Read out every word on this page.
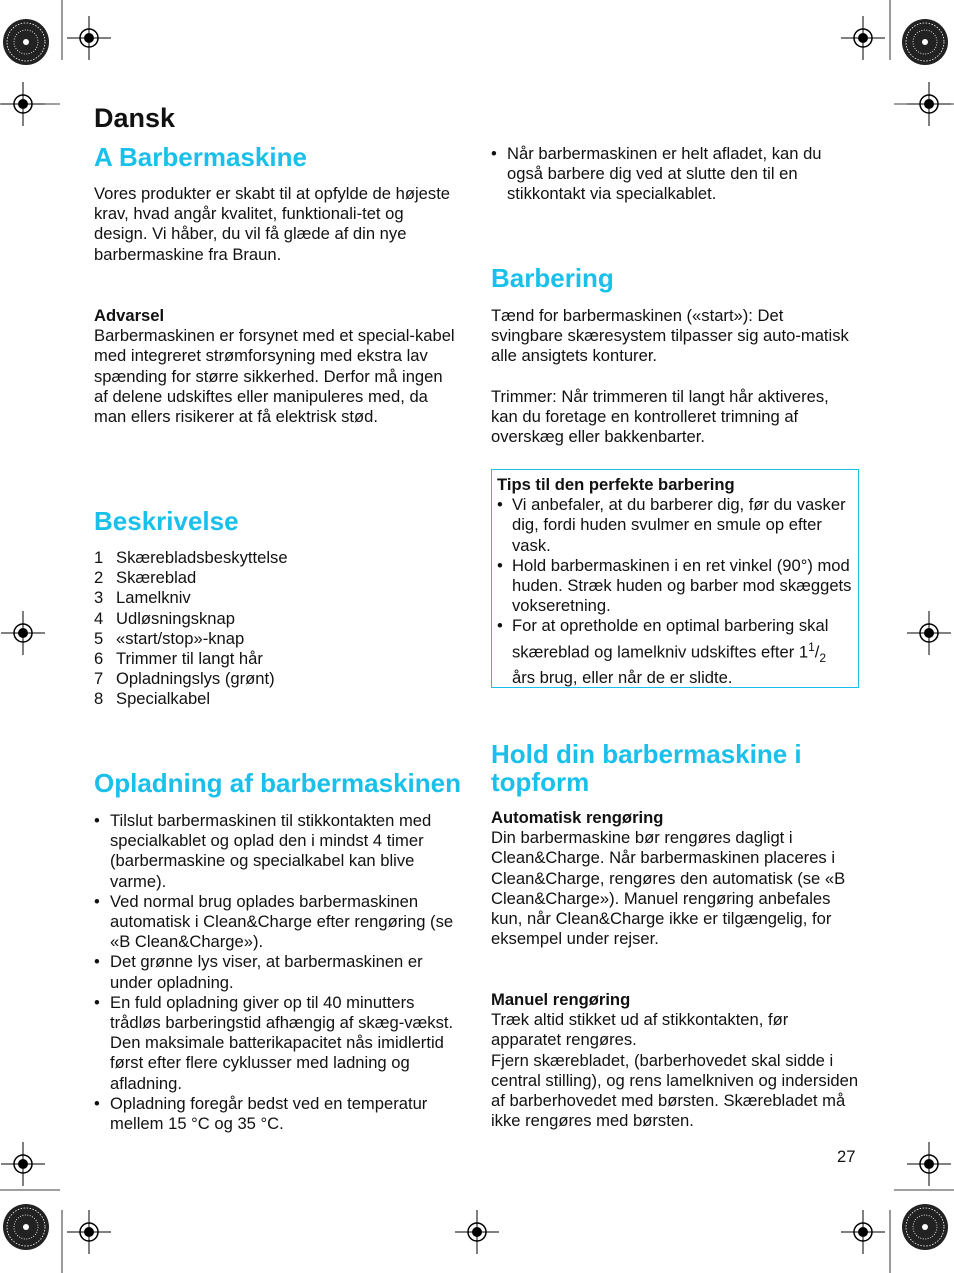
Dansk
A Barbermaskine

Vores produkter er skabt til at opfylde de højeste krav, hvad angår kvalitet, funktionali-tet og design. Vi håber, du vil få glæde af din nye barbermaskine fra Braun.

Advarsel

Barbermaskinen er forsynet med et special-kabel med integreret strømforsyning med ekstra lav spænding for større sikkerhed. Derfor må ingen af delene udskiftes eller manipuleres med, da man ellers risikerer at få elektrisk stød.

Beskrivelse
1 Skærebladsbeskyttelse
2 Skæreblad
3 Lamelkniv
4 Udløsningsknap
5 «start/stop»-knap
6 Trimmer til langt hår
7 Opladningslys (grønt)
8 Specialkabel
Opladning af barbermaskinen
• Tilslut barbermaskinen til stikkontakten med specialkablet og oplad den i mindst 4 timer (barbermaskine og specialkabel kan blive varme).
• Ved normal brug oplades barbermaskinen automatisk i Clean&Charge efter rengøring (se «B Clean&Charge»).
• Det grønne lys viser, at barbermaskinen er under opladning.
• En fuld opladning giver op til 40 minutters trådløs barberingstid afhængig af skæg-vækst. Den maksimale batterikapacitet nås imidlertid først efter flere cyklusser med ladning og afladning.
• Opladning foregår bedst ved en temperatur mellem 15 °C og 35 °C.
• Når barbermaskinen er helt afladet, kan du også barbere dig ved at slutte den til en stikkontakt via specialkablet.
Barbering

Tænd for barbermaskinen («start»): Det svingbare skæresystem tilpasser sig auto-matisk alle ansigtets konturer.

Trimmer: Når trimmeren til langt hår aktiveres, kan du foretage en kontrolleret trimning af overskæg eller bakkenbarter.

Tips til den perfekte barbering

• Vi anbefaler, at du barberer dig, før du vasker dig, fordi huden svulmer en smule op efter vask.
• Hold barbermaskinen i en ret vinkel (90°) mod huden. Stræk huden og barber mod skæggets vokseretning.
• For at opretholde en optimal barbering skal skæreblad og lamelkniv udskiftes efter $1^1/_2$ års brug, eller når de er slidte.
Hold din barbermaskine i topform

Automatisk rengøring

Din barbermaskine bør rengøres dagligt i Clean&Charge. Når barbermaskinen placeres i Clean&Charge, rengøres den automatisk (se «B Clean&Charge»). Manuel rengøring anbefales kun, når Clean&Charge ikke er tilgængelig, for eksempel under rejser.

Manuel rengøring

Træk altid stikket ud af stikkontakten, før apparatet rengøres.

Fjern skærebladet, (barberhovedet skal sidde i central stilling), og rens lamelkniven og indersiden af barberhovedet med børsten. Skærebladet må ikke rengøres med børsten.

27
